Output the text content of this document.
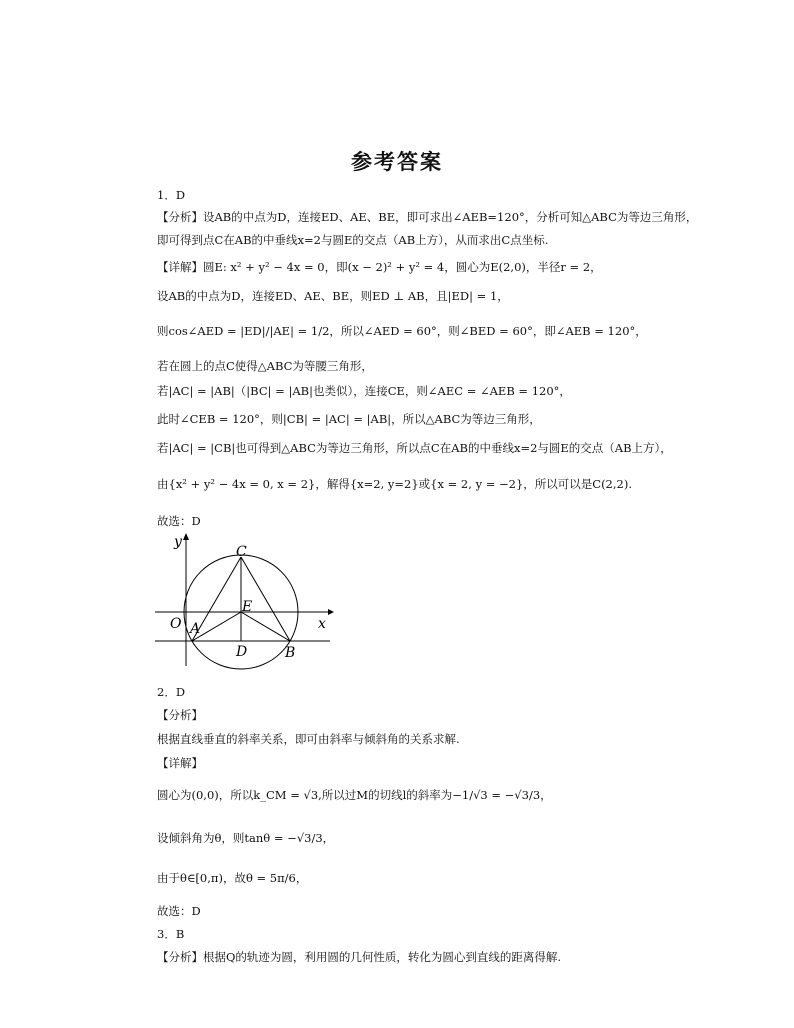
参考答案
1．D
【分析】设AB的中点为D，连接ED、AE、BE，即可求出∠AEB=120°，分析可知△ABC为等边三角形，
即可得到点C在AB的中垂线x=2与圆E的交点（AB上方），从而求出C点坐标.
【详解】圆E: x² + y² − 4x = 0，即(x − 2)² + y² = 4，圆心为E(2,0)，半径r = 2，
设AB的中点为D，连接ED、AE、BE，则ED ⊥ AB，且|ED| = 1，
则cos∠AED = |ED|/|AE| = 1/2，所以∠AED = 60°，则∠BED = 60°，即∠AEB = 120°，
若在圆上的点C使得△ABC为等腰三角形，
若|AC| = |AB|（|BC| = |AB|也类似），连接CE，则∠AEC = ∠AEB = 120°，
此时∠CEB = 120°，则|CB| = |AC| = |AB|，所以△ABC为等边三角形，
若|AC| = |CB|也可得到△ABC为等边三角形，所以点C在AB的中垂线x=2与圆E的交点（AB上方），
由{x² + y² − 4x = 0, x = 2}，解得{x=2, y=2}或{x = 2, y = −2}，所以可以是C(2,2).
故选：D
y
x
O A
C
E
D	B
2．D
【分析】
根据直线垂直的斜率关系，即可由斜率与倾斜角的关系求解.
【详解】
圆心为(0,0)，所以k_CM = √3,所以过M的切线l的斜率为−1/√3 = −√3/3，
设倾斜角为θ，则tanθ = −√3/3，
由于θ∈[0,π)，故θ = 5π/6，
故选：D
3．B
【分析】根据Q的轨迹为圆，利用圆的几何性质，转化为圆心到直线的距离得解.
